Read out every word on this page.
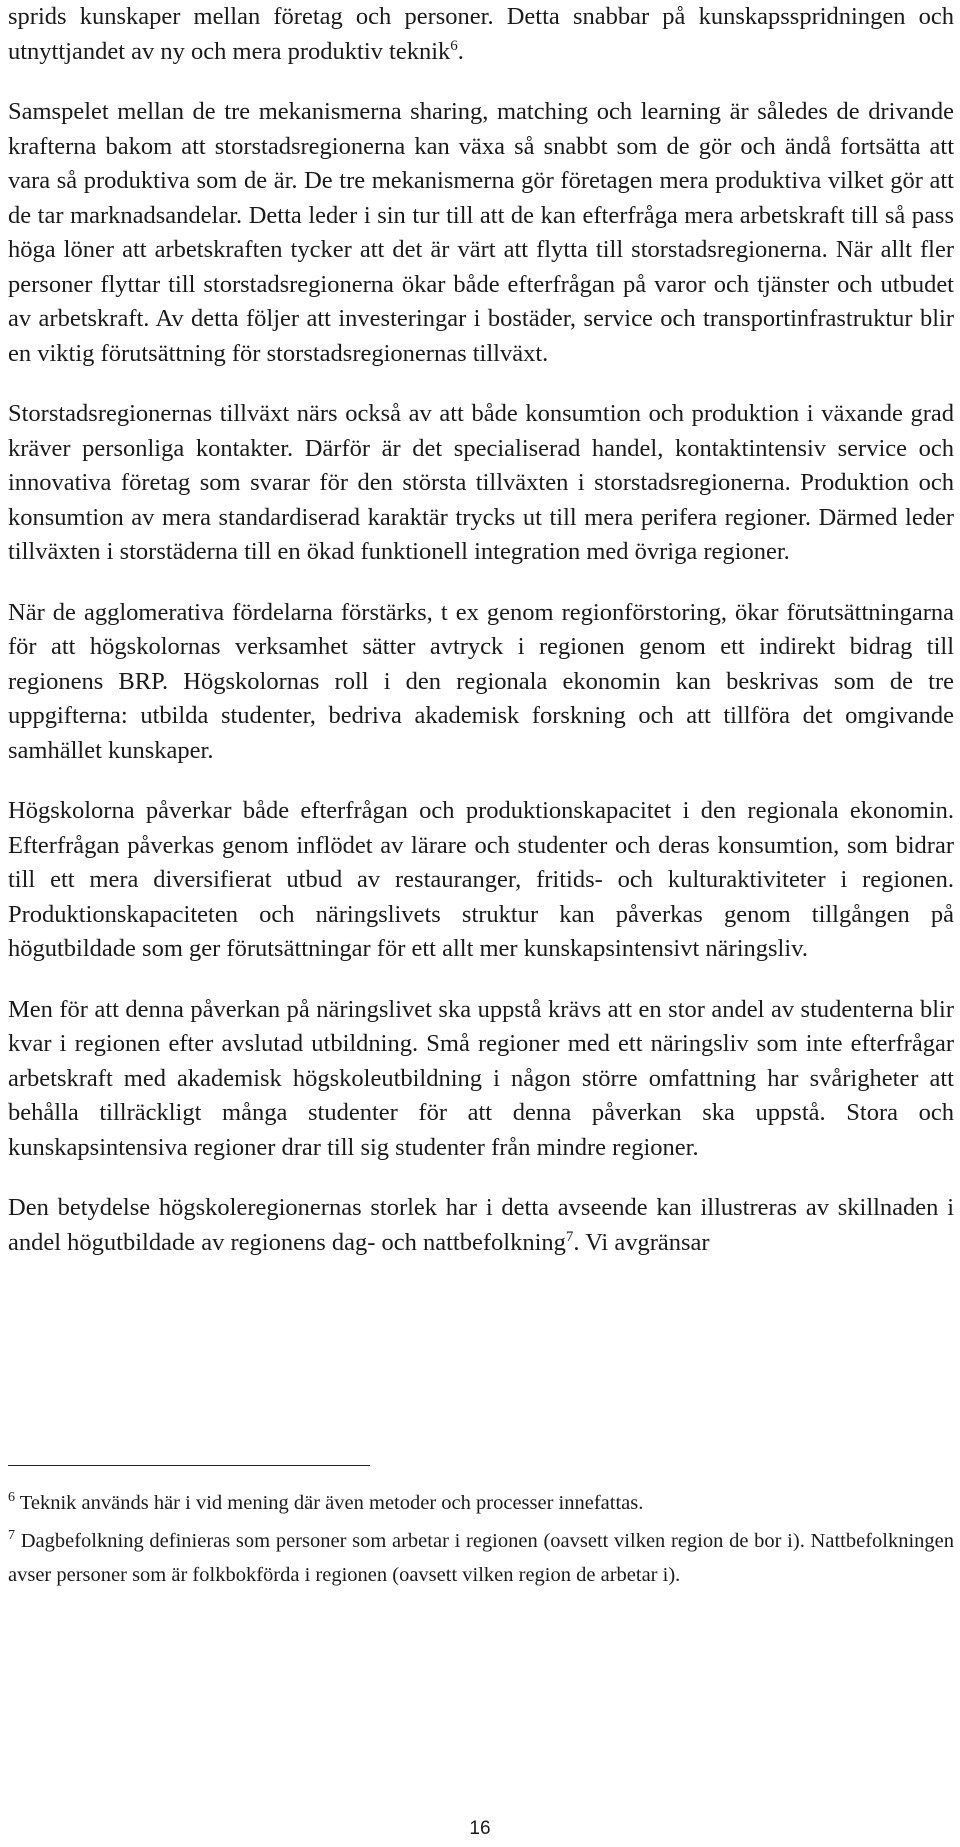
sprids kunskaper mellan företag och personer. Detta snabbar på kunskapsspridningen och utnyttjandet av ny och mera produktiv teknik$^6$.

Samspelet mellan de tre mekanismerna sharing, matching och learning är således de drivande krafterna bakom att storstadsregionerna kan växa så snabbt som de gör och ändå fortsätta att vara så produktiva som de är. De tre mekanismerna gör företagen mera produktiva vilket gör att de tar marknadsandelar. Detta leder i sin tur till att de kan efterfråga mera arbetskraft till så pass höga löner att arbetskraften tycker att det är värt att flytta till storstadsregionerna. När allt fler personer flyttar till storstadsregionerna ökar både efterfrågan på varor och tjänster och utbudet av arbetskraft. Av detta följer att investeringar i bostäder, service och transportinfrastruktur blir en viktig förutsättning för storstadsregionernas tillväxt.

Storstadsregionernas tillväxt närs också av att både konsumtion och produktion i växande grad kräver personliga kontakter. Därför är det specialiserad handel, kontaktintensiv service och innovativa företag som svarar för den största tillväxten i storstadsregionerna. Produktion och konsumtion av mera standardiserad karaktär trycks ut till mera perifera regioner. Därmed leder tillväxten i storstäderna till en ökad funktionell integration med övriga regioner.

När de agglomerativa fördelarna förstärks, t ex genom regionförstoring, ökar förutsättningarna för att högskolornas verksamhet sätter avtryck i regionen genom ett indirekt bidrag till regionens BRP. Högskolornas roll i den regionala ekonomin kan beskrivas som de tre uppgifterna: utbilda studenter, bedriva akademisk forskning och att tillföra det omgivande samhället kunskaper.

Högskolorna påverkar både efterfrågan och produktionskapacitet i den regionala ekonomin. Efterfrågan påverkas genom inflödet av lärare och studenter och deras konsumtion, som bidrar till ett mera diversifierat utbud av restauranger, fritids- och kulturaktiviteter i regionen. Produktionskapaciteten och näringslivets struktur kan påverkas genom tillgången på högutbildade som ger förutsättningar för ett allt mer kunskapsintensivt näringsliv.

Men för att denna påverkan på näringslivet ska uppstå krävs att en stor andel av studenterna blir kvar i regionen efter avslutad utbildning. Små regioner med ett näringsliv som inte efterfrågar arbetskraft med akademisk högskoleutbildning i någon större omfattning har svårigheter att behålla tillräckligt många studenter för att denna påverkan ska uppstå. Stora och kunskapsintensiva regioner drar till sig studenter från mindre regioner.

Den betydelse högskoleregionernas storlek har i detta avseende kan illustreras av skillnaden i andel högutbildade av regionens dag- och nattbefolkning$^7$. Vi avgränsar

$^6$ Teknik används här i vid mening där även metoder och processer innefattas.

$^7$ Dagbefolkning definieras som personer som arbetar i regionen (oavsett vilken region de bor i). Nattbefolkningen avser personer som är folkbokförda i regionen (oavsett vilken region de arbetar i).

16
